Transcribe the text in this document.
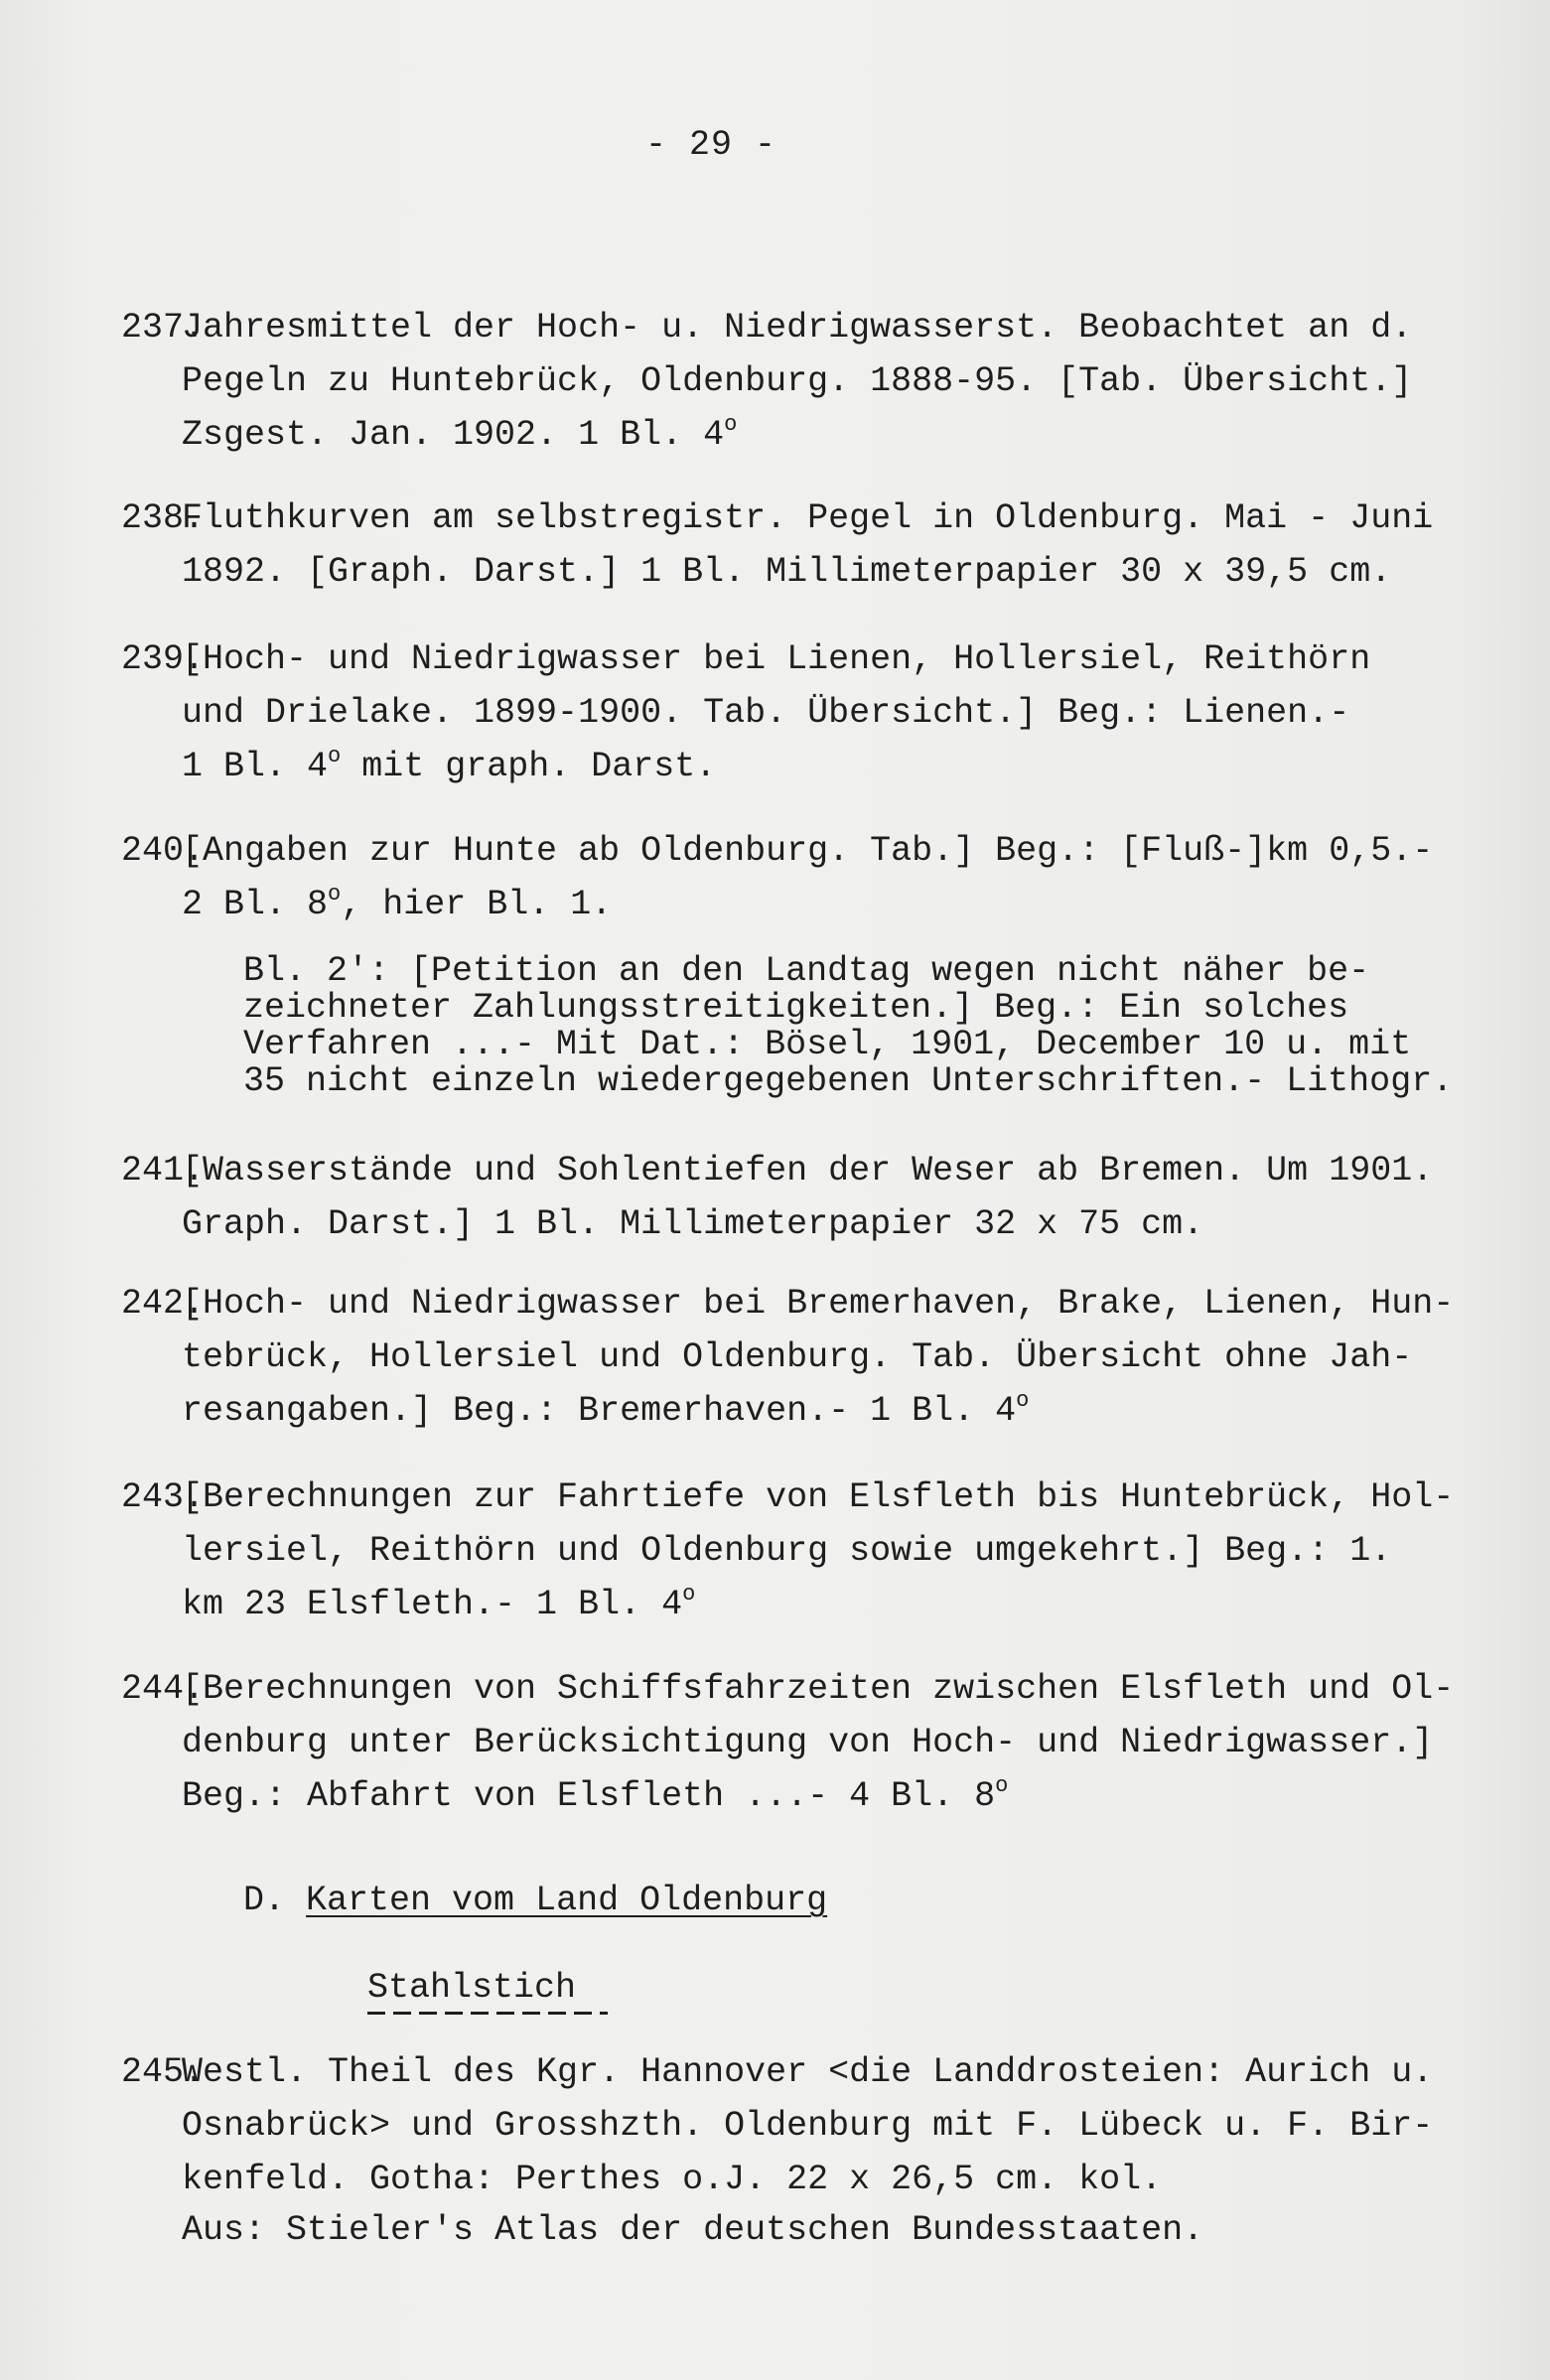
- 29 -
237.
Jahresmittel der Hoch- u. Niedrigwasserst. Beobachtet an d.
Pegeln zu Huntebrück, Oldenburg. 1888-95. [Tab. Übersicht.]
Zsgest. Jan. 1902. 1 Bl. 4$^o$
238.
Fluthkurven am selbstregistr. Pegel in Oldenburg. Mai - Juni
1892. [Graph. Darst.] 1 Bl. Millimeterpapier 30 x 39,5 cm.
239.
[Hoch- und Niedrigwasser bei Lienen, Hollersiel, Reithörn
und Drielake. 1899-1900. Tab. Übersicht.] Beg.: Lienen.-
1 Bl. 4$^o$ mit graph. Darst.
240.
[Angaben zur Hunte ab Oldenburg. Tab.] Beg.: [Fluß-]km 0,5.-
2 Bl. 8$^o$, hier Bl. 1.
Bl. 2': [Petition an den Landtag wegen nicht näher be-
zeichneter Zahlungsstreitigkeiten.] Beg.: Ein solches
Verfahren ...- Mit Dat.: Bösel, 1901, December 10 u. mit
35 nicht einzeln wiedergegebenen Unterschriften.- Lithogr.
241.
[Wasserstände und Sohlentiefen der Weser ab Bremen. Um 1901.
Graph. Darst.] 1 Bl. Millimeterpapier 32 x 75 cm.
242.
[Hoch- und Niedrigwasser bei Bremerhaven, Brake, Lienen, Hun-
tebrück, Hollersiel und Oldenburg. Tab. Übersicht ohne Jah-
resangaben.] Beg.: Bremerhaven.- 1 Bl. 4$^o$
243.
[Berechnungen zur Fahrtiefe von Elsfleth bis Huntebrück, Hol-
lersiel, Reithörn und Oldenburg sowie umgekehrt.] Beg.: 1.
km 23 Elsfleth.- 1 Bl. 4$^o$
244.
[Berechnungen von Schiffsfahrzeiten zwischen Elsfleth und Ol-
denburg unter Berücksichtigung von Hoch- und Niedrigwasser.]
Beg.: Abfahrt von Elsfleth ...- 4 Bl. 8$^o$
D. Karten vom Land Oldenburg
Stahlstich
245.
Westl. Theil des Kgr. Hannover <die Landdrosteien: Aurich u.
Osnabrück> und Grosshzth. Oldenburg mit F. Lübeck u. F. Bir-
kenfeld. Gotha: Perthes o.J. 22 x 26,5 cm. kol.
Aus: Stieler's Atlas der deutschen Bundesstaaten.
